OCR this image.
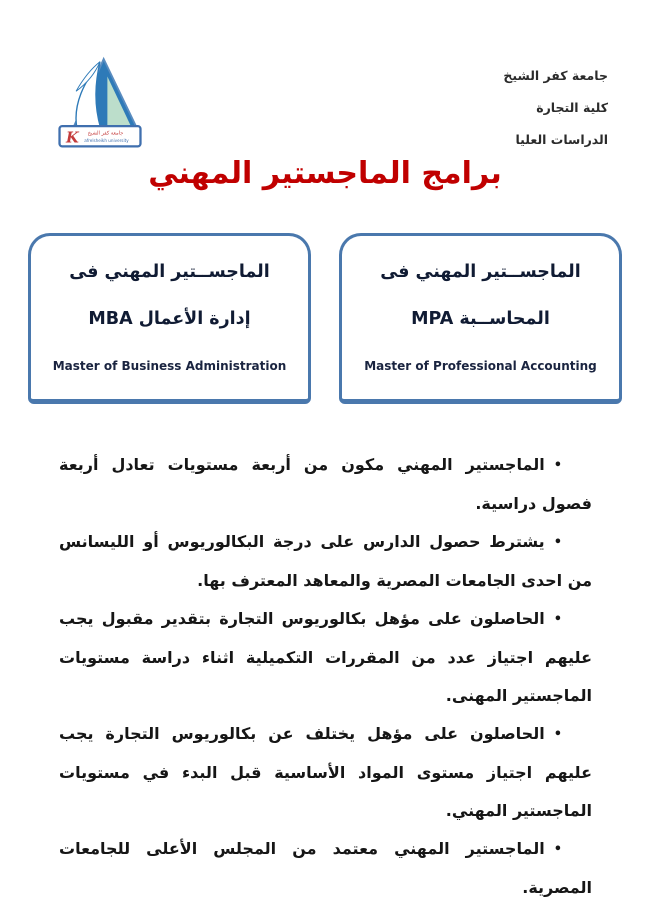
K جامعة كفر الشيخ
afrelsheikh university
جامعة كفر الشيخ
كلية التجارة
الدراسات العليا
برامج الماجستير المهني
الماجســتير المهني فى
المحاســبة MPA
Master of Professional Accounting
الماجســتير المهني فى
إدارة الأعمال MBA
Master of Business Administration
•الماجستير المهني مكون من أربعة مستويات تعادل أربعة فصول دراسية.
•يشترط حصول الدارس على درجة البكالوريوس أو الليسانس من احدى الجامعات المصرية والمعاهد المعترف بها.
•الحاصلون على مؤهل بكالوريوس التجارة بتقدير مقبول يجب عليهم اجتياز عدد من المقررات التكميلية اثناء دراسة مستويات الماجستير المهنى.
•الحاصلون على مؤهل يختلف عن بكالوريوس التجارة يجب عليهم اجتياز مستوى المواد الأساسية قبل البدء في مستويات الماجستير المهني.
•الماجستير المهني معتمد من المجلس الأعلى للجامعات المصرية.
